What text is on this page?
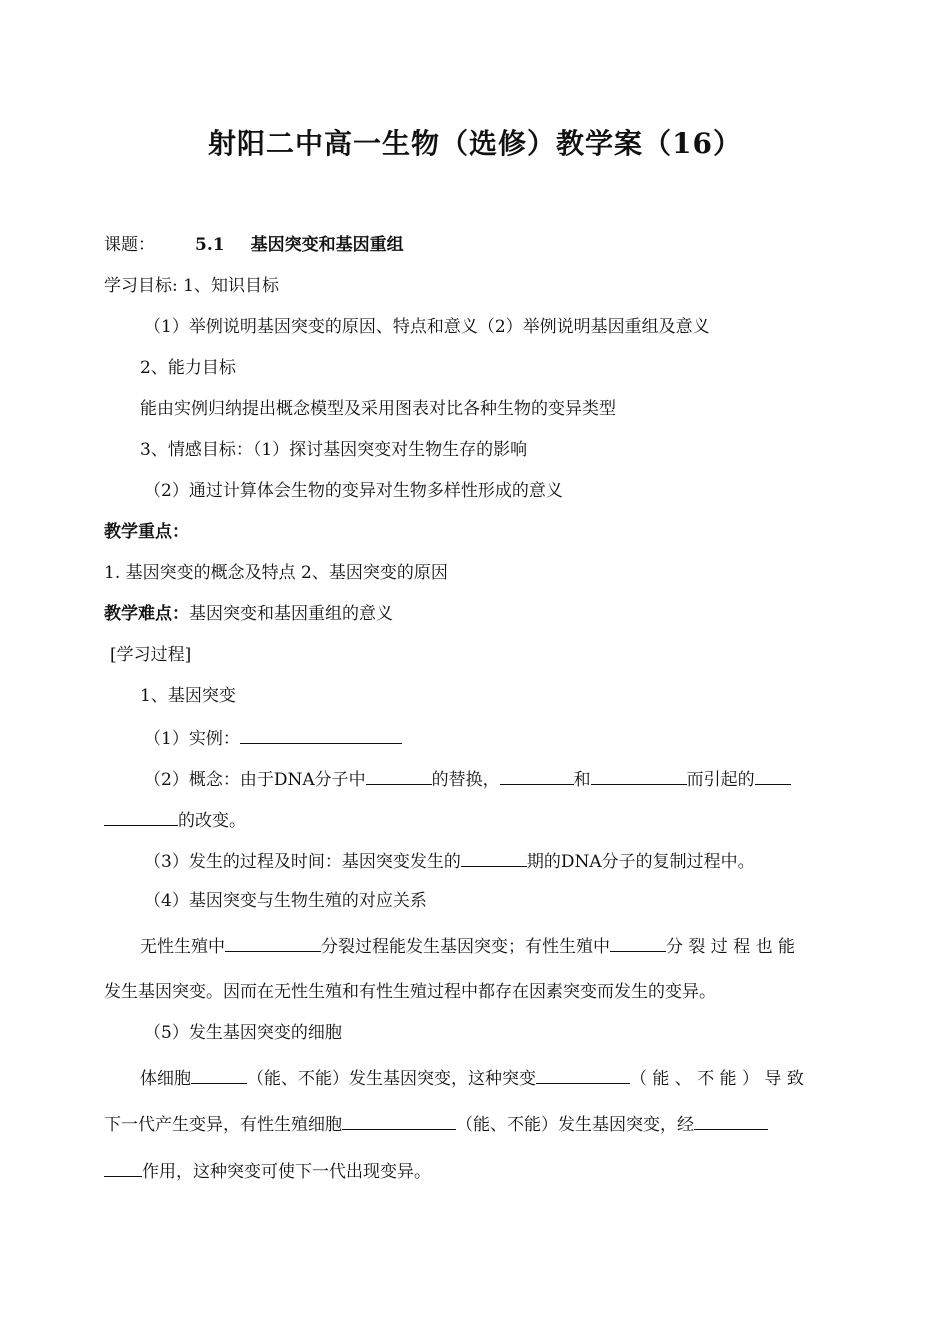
射阳二中高一生物（选修）教学案（16）
课题： 5.1 基因突变和基因重组
学习目标: 1、知识目标
（1）举例说明基因突变的原因、特点和意义（2）举例说明基因重组及意义
2、能力目标
能由实例归纳提出概念模型及采用图表对比各种生物的变异类型
3、情感目标：（1）探讨基因突变对生物生存的影响
（2）通过计算体会生物的变异对生物多样性形成的意义
教学重点：
1. 基因突变的概念及特点 2、基因突变的原因
教学难点：基因突变和基因重组的意义
[学习过程]
1、基因突变
（1）实例：
（2）概念：由于DNA分子中	的替换，	和	而引起的
的改变。
（3）发生的过程及时间：基因突变发生的	期的DNA分子的复制过程中。
（4）基因突变与生物生殖的对应关系
无性生殖中	分裂过程能发生基因突变；有性生殖中	分 裂 过 程 也 能
发生基因突变。因而在无性生殖和有性生殖过程中都存在因素突变而发生的变异。
（5）发生基因突变的细胞
体细胞	（能、不能）发生基因突变，这种突变	（ 能 、 不 能 ） 导 致
下一代产生变异，有性生殖细胞	（能、不能）发生基因突变，经
作用，这种突变可使下一代出现变异。
